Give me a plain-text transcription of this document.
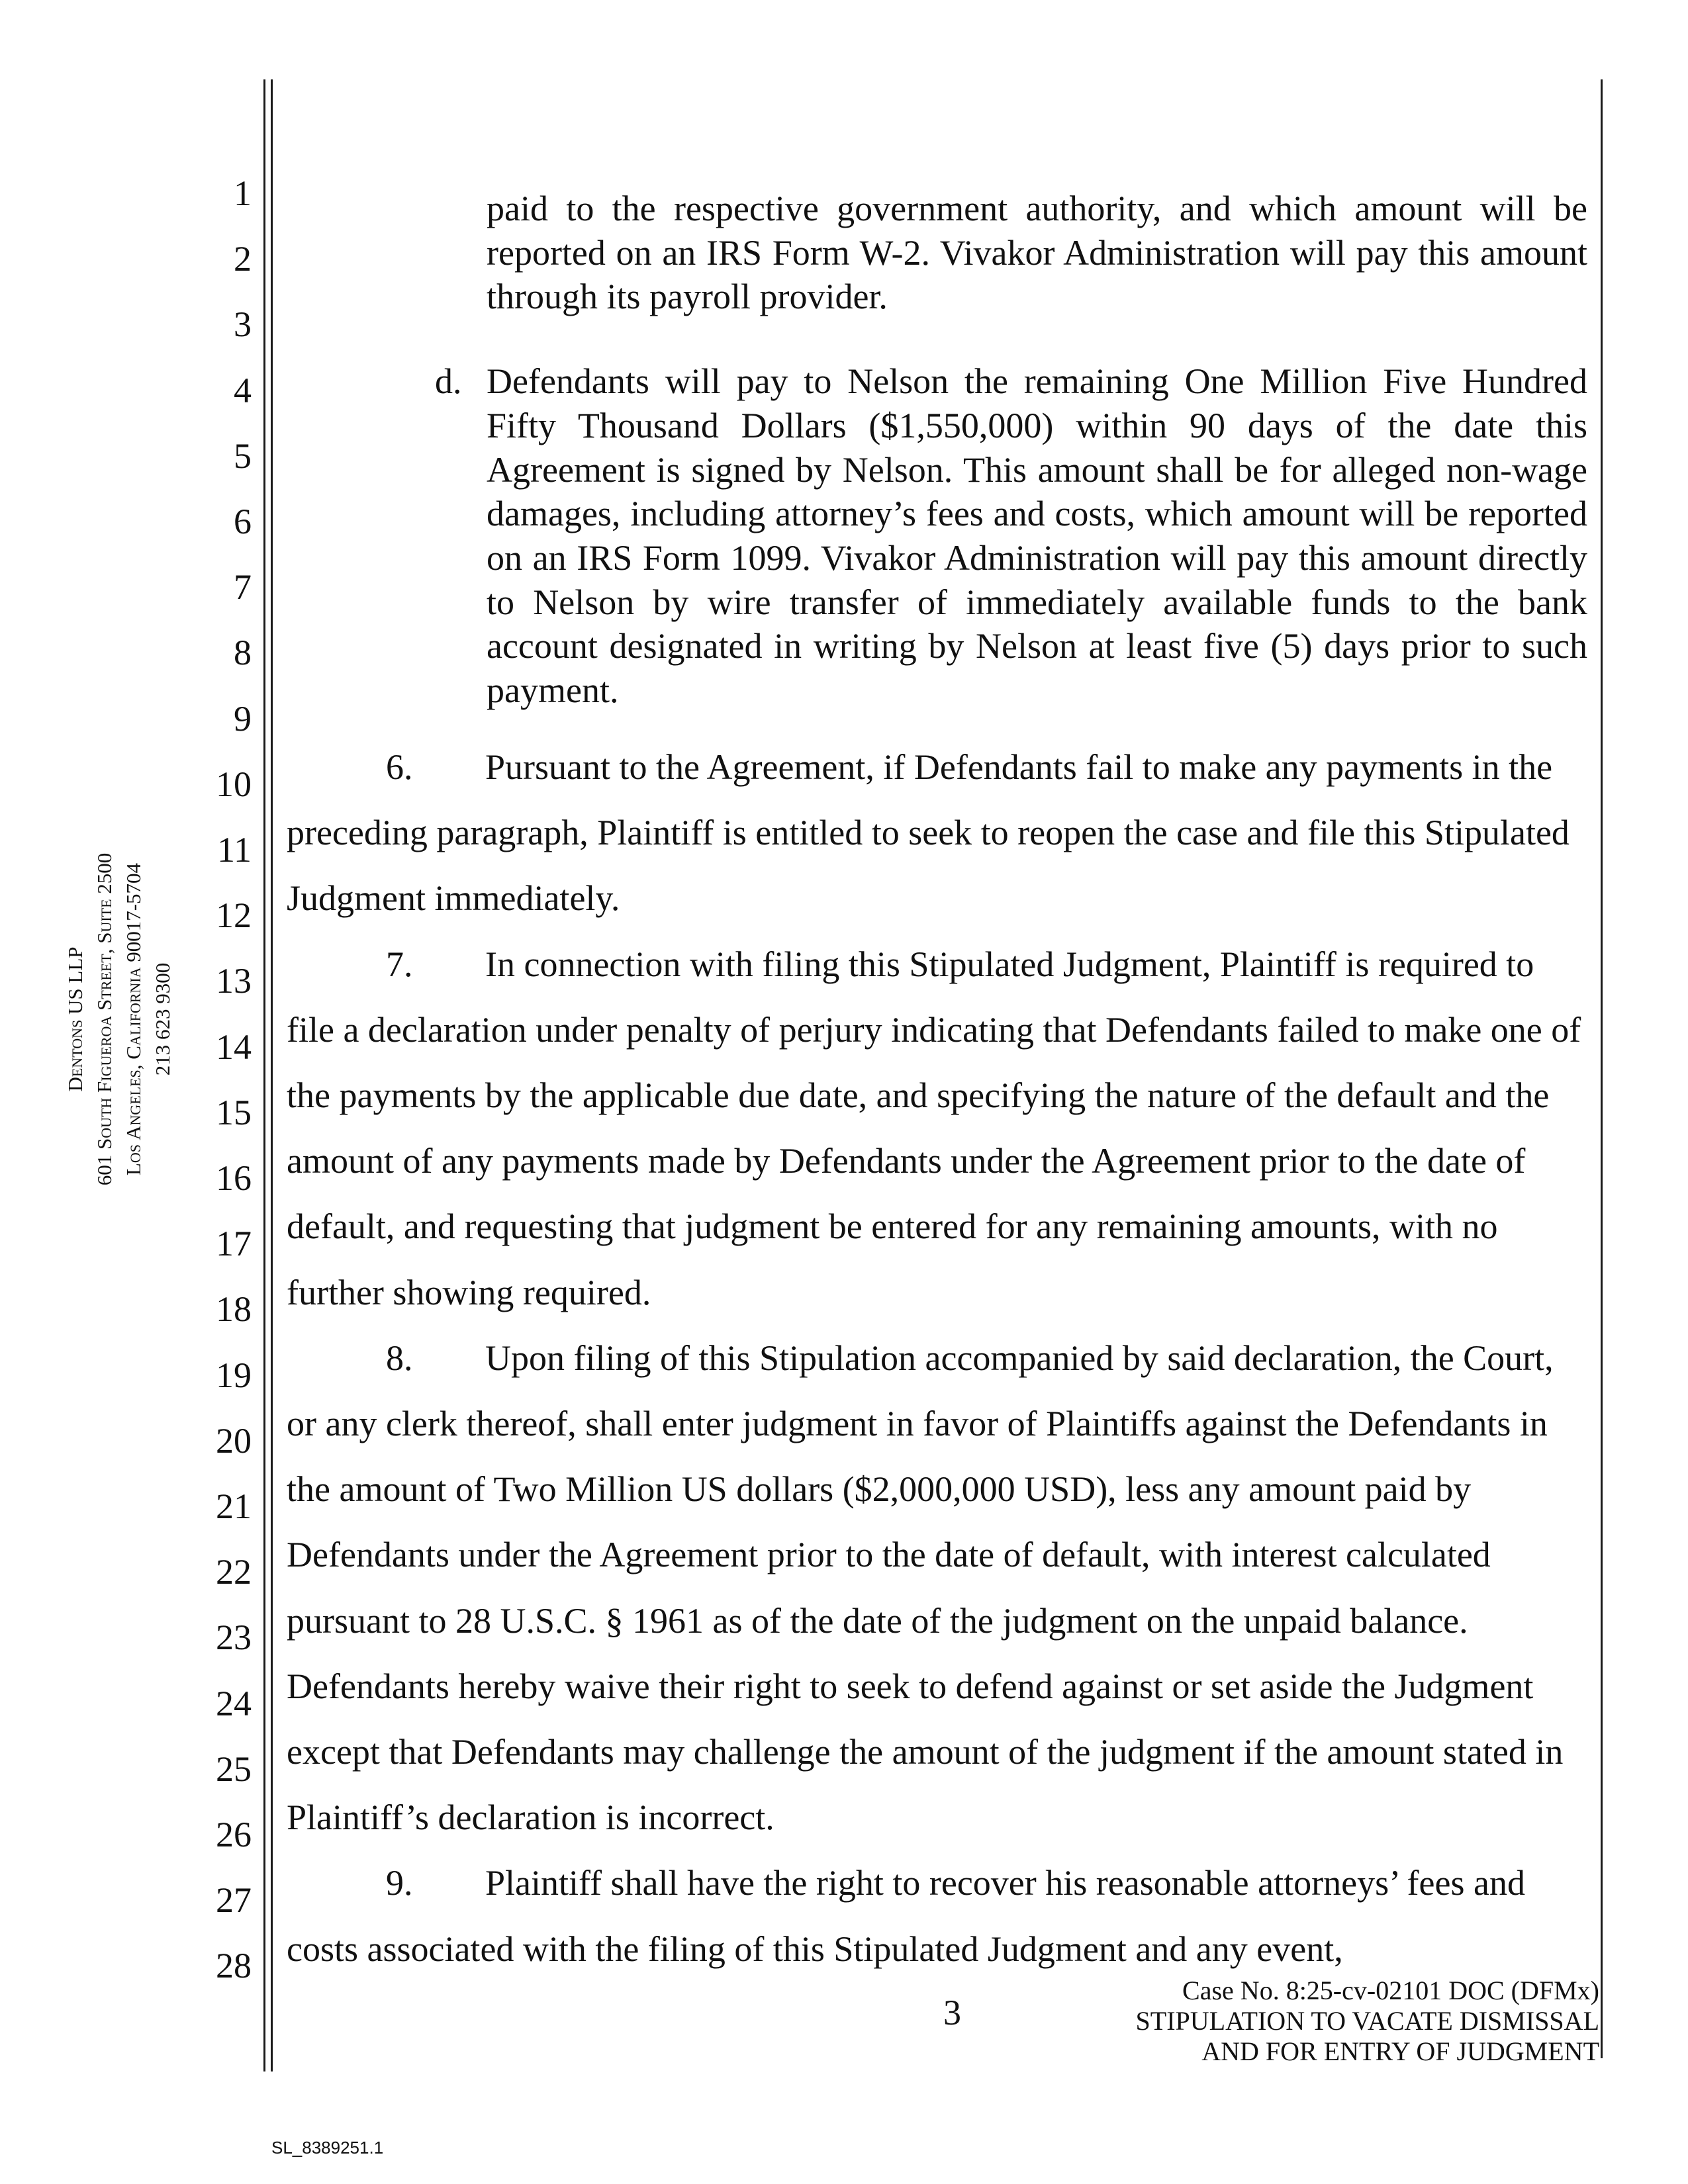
1
2
3
4
5
6
7
8
9
10
11
12
13
14
15
16
17
18
19
20
21
22
23
24
25
26
27
28
Dentons US LLP 601 South Figueroa Street, Suite 2500 Los Angeles, California 90017-5704 213 623 9300

paid to the respective government authority, and which amount will be reported on an IRS Form W-2. Vivakor Administration will pay this amount through its payroll provider.

d. Defendants will pay to Nelson the remaining One Million Five Hundred Fifty Thousand Dollars ($1,550,000) within 90 days of the date this Agreement is signed by Nelson. This amount shall be for alleged non-wage damages, including attorney’s fees and costs, which amount will be reported on an IRS Form 1099. Vivakor Administration will pay this amount directly to Nelson by wire transfer of immediately available funds to the bank account designated in writing by Nelson at least five (5) days prior to such payment.

6. Pursuant to the Agreement, if Defendants fail to make any payments in the preceding paragraph, Plaintiff is entitled to seek to reopen the case and file this Stipulated Judgment immediately.

7. In connection with filing this Stipulated Judgment, Plaintiff is required to file a declaration under penalty of perjury indicating that Defendants failed to make one of the payments by the applicable due date, and specifying the nature of the default and the amount of any payments made by Defendants under the Agreement prior to the date of default, and requesting that judgment be entered for any remaining amounts, with no further showing required.

8. Upon filing of this Stipulation accompanied by said declaration, the Court, or any clerk thereof, shall enter judgment in favor of Plaintiffs against the Defendants in the amount of Two Million US dollars ($2,000,000 USD), less any amount paid by Defendants under the Agreement prior to the date of default, with interest calculated pursuant to 28 U.S.C. § 1961 as of the date of the judgment on the unpaid balance. Defendants hereby waive their right to seek to defend against or set aside the Judgment except that Defendants may challenge the amount of the judgment if the amount stated in Plaintiff’s declaration is incorrect.

9. Plaintiff shall have the right to recover his reasonable attorneys’ fees and costs associated with the filing of this Stipulated Judgment and any event,

3
Case No. 8:25-cv-02101 DOC (DFMx)
STIPULATION TO VACATE DISMISSAL
AND FOR ENTRY OF JUDGMENT
SL_8389251.1
